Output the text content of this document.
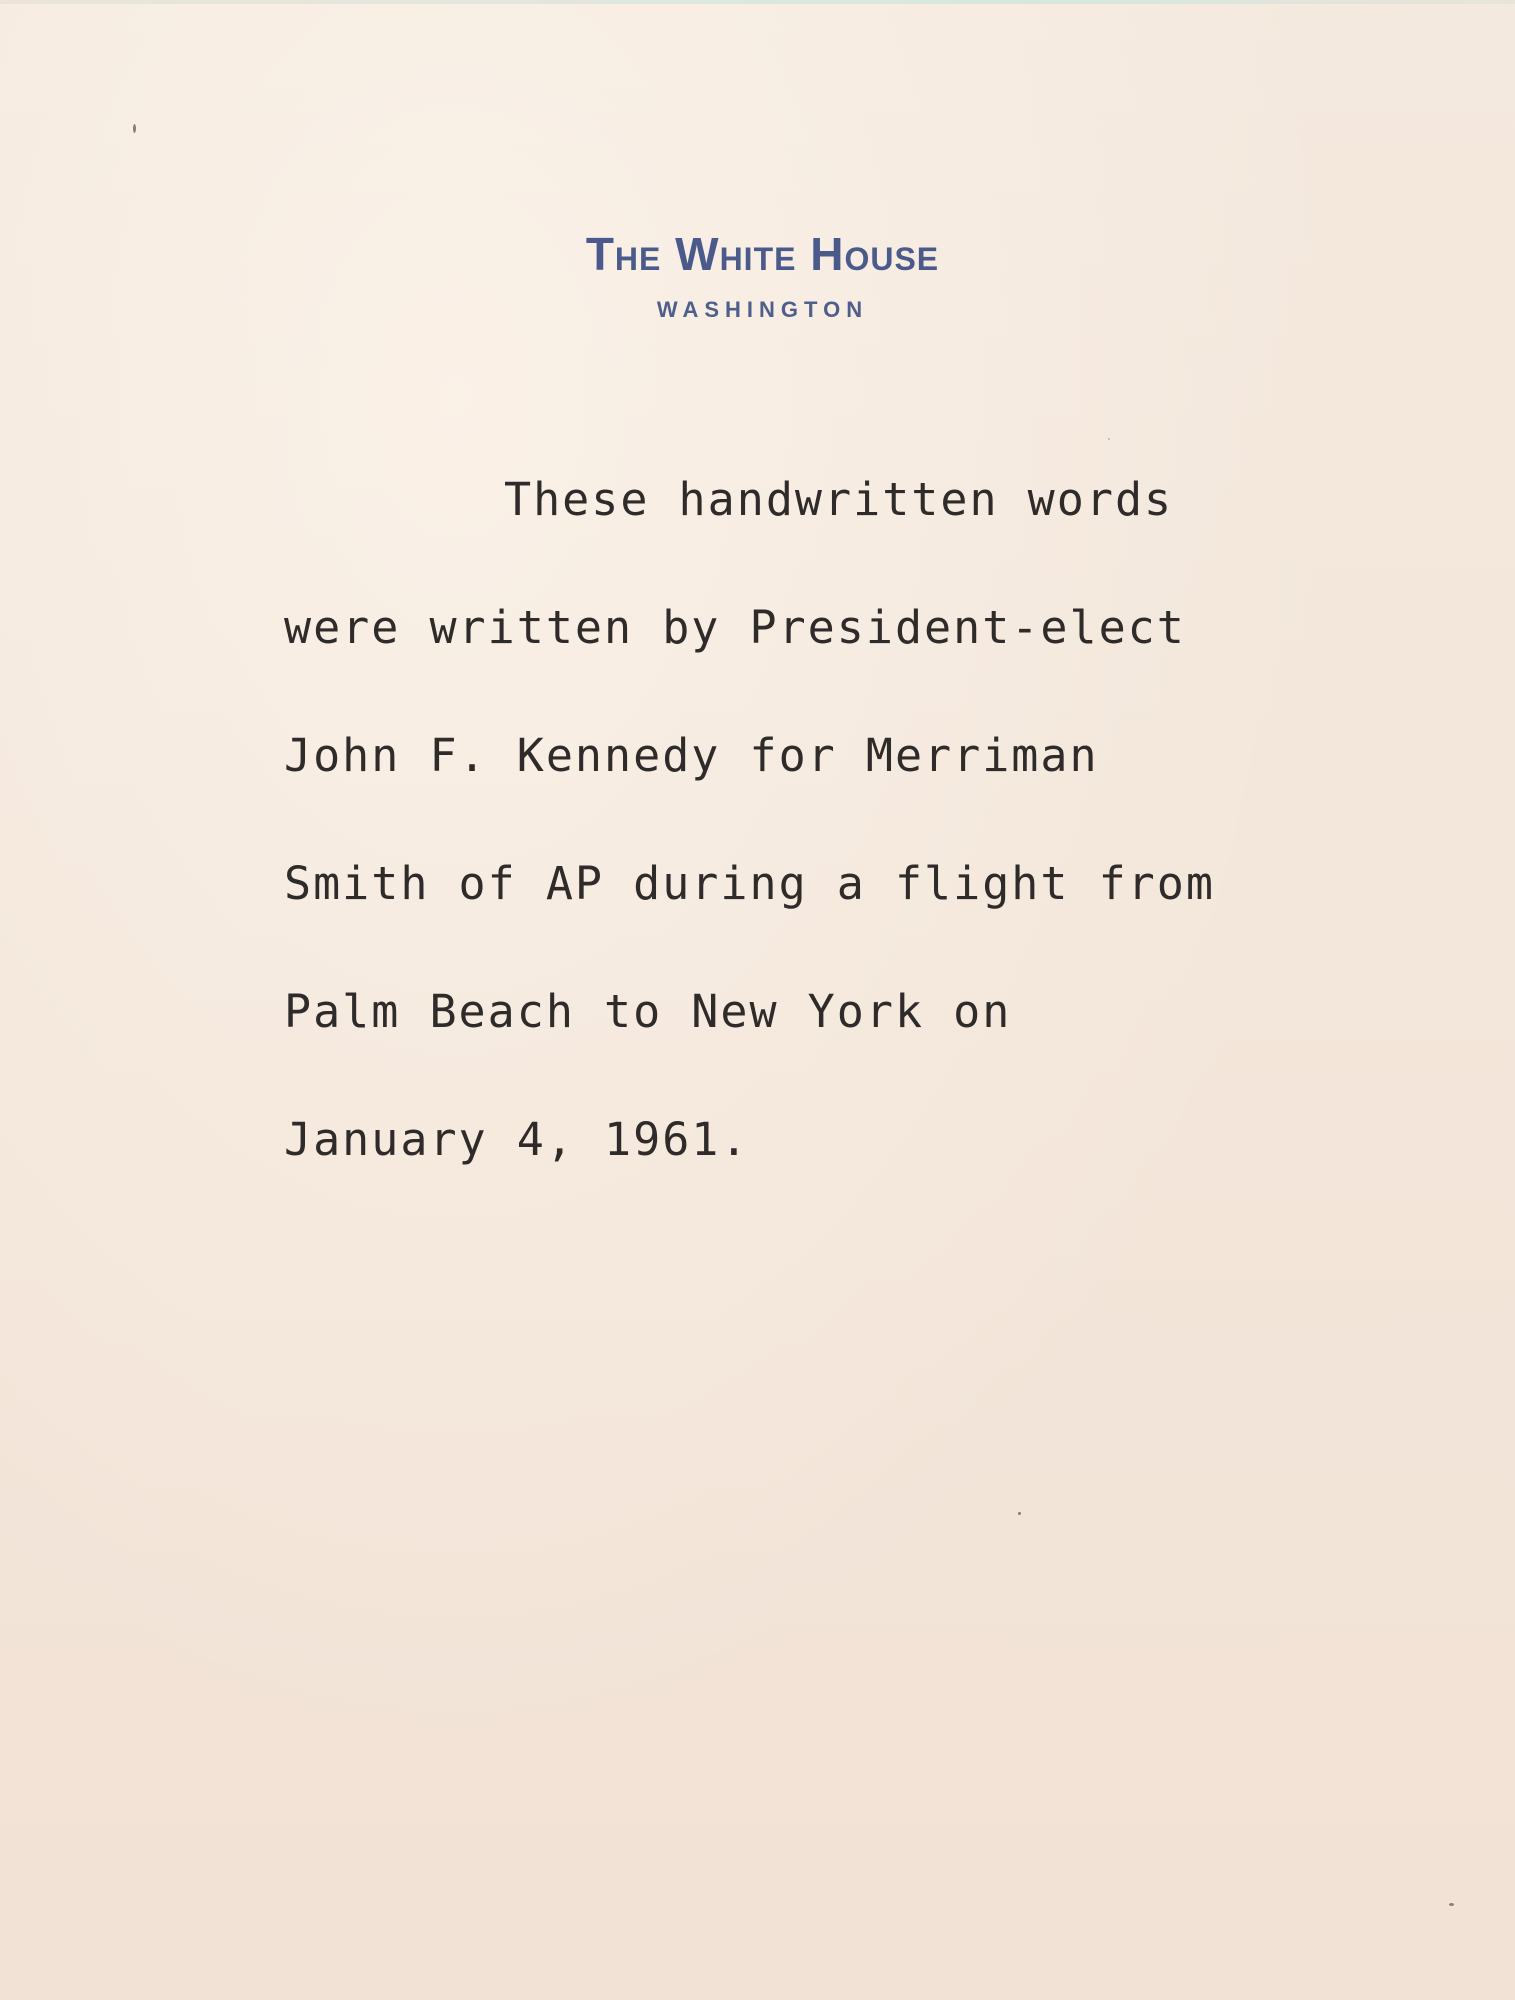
The White House
WASHINGTON
These handwritten words
were written by President-elect
John F. Kennedy for Merriman
Smith of AP during a flight from
Palm Beach to New York on
January 4, 1961.
